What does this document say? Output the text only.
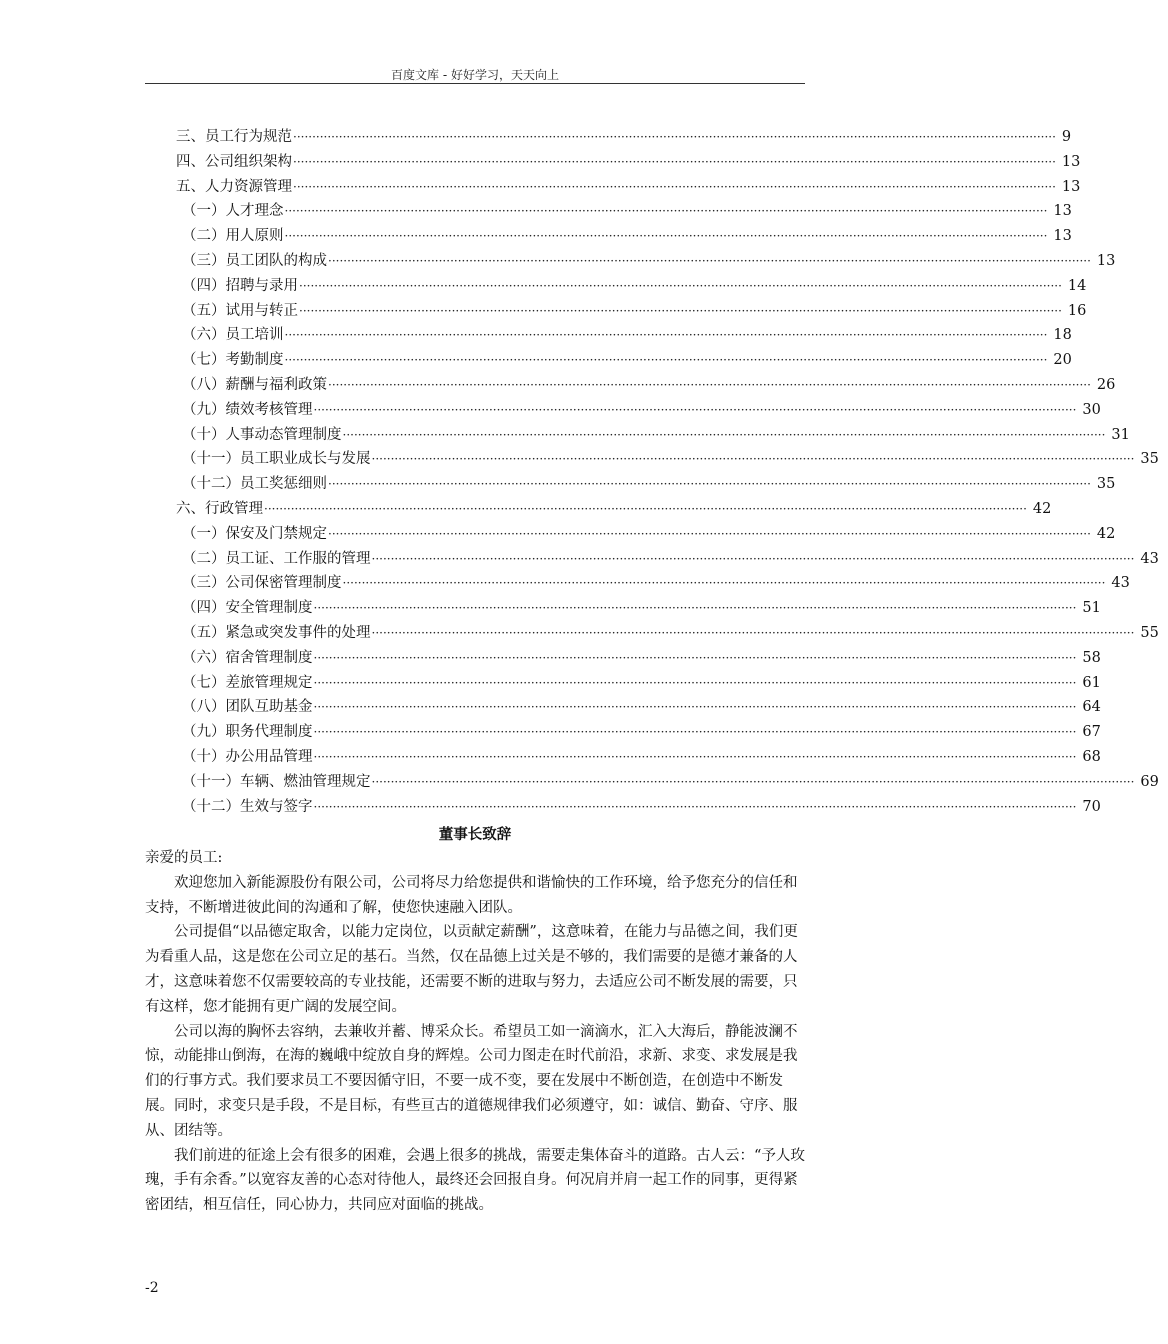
百度文库 - 好好学习，天天向上
三、员工行为规范 ········································································································································································································ 9
四、公司组织架构 ········································································································································································································ 13
五、人力资源管理 ········································································································································································································ 13
（一）人才理念 ········································································································································································································ 13
（二）用人原则 ········································································································································································································ 13
（三）员工团队的构成 ········································································································································································································ 13
（四）招聘与录用 ········································································································································································································ 14
（五）试用与转正 ········································································································································································································ 16
（六）员工培训 ········································································································································································································ 18
（七）考勤制度 ········································································································································································································ 20
（八）薪酬与福利政策 ········································································································································································································ 26
（九）绩效考核管理 ········································································································································································································ 30
（十）人事动态管理制度 ········································································································································································································ 31
（十一）员工职业成长与发展 ········································································································································································································ 35
（十二）员工奖惩细则 ········································································································································································································ 35
六、行政管理 ········································································································································································································ 42
（一）保安及门禁规定 ········································································································································································································ 42
（二）员工证、工作服的管理 ········································································································································································································ 43
（三）公司保密管理制度 ········································································································································································································ 43
（四）安全管理制度 ········································································································································································································ 51
（五）紧急或突发事件的处理 ········································································································································································································ 55
（六）宿舍管理制度 ········································································································································································································ 58
（七）差旅管理规定 ········································································································································································································ 61
（八）团队互助基金 ········································································································································································································ 64
（九）职务代理制度 ········································································································································································································ 67
（十）办公用品管理 ········································································································································································································ 68
（十一）车辆、燃油管理规定 ········································································································································································································ 69
（十二）生效与签字 ········································································································································································································ 70
董事长致辞

亲爱的员工:

欢迎您加入新能源股份有限公司，公司将尽力给您提供和谐愉快的工作环境，给予您充分的信任和支持，不断增进彼此间的沟通和了解，使您快速融入团队。

公司提倡“以品德定取舍，以能力定岗位，以贡献定薪酬”，这意味着，在能力与品德之间，我们更为看重人品，这是您在公司立足的基石。当然，仅在品德上过关是不够的，我们需要的是德才兼备的人才，这意味着您不仅需要较高的专业技能，还需要不断的进取与努力，去适应公司不断发展的需要，只有这样，您才能拥有更广阔的发展空间。

公司以海的胸怀去容纳，去兼收并蓄、博采众长。希望员工如一滴滴水，汇入大海后，静能波澜不惊，动能排山倒海，在海的巍峨中绽放自身的辉煌。公司力图走在时代前沿，求新、求变、求发展是我们的行事方式。我们要求员工不要因循守旧，不要一成不变，要在发展中不断创造，在创造中不断发展。同时，求变只是手段，不是目标，有些亘古的道德规律我们必须遵守，如：诚信、勤奋、守序、服从、团结等。

我们前进的征途上会有很多的困难，会遇上很多的挑战，需要走集体奋斗的道路。古人云：“予人玫瑰，手有余香。”以宽容友善的心态对待他人，最终还会回报自身。何况肩并肩一起工作的同事，更得紧密团结，相互信任，同心协力，共同应对面临的挑战。

-2
